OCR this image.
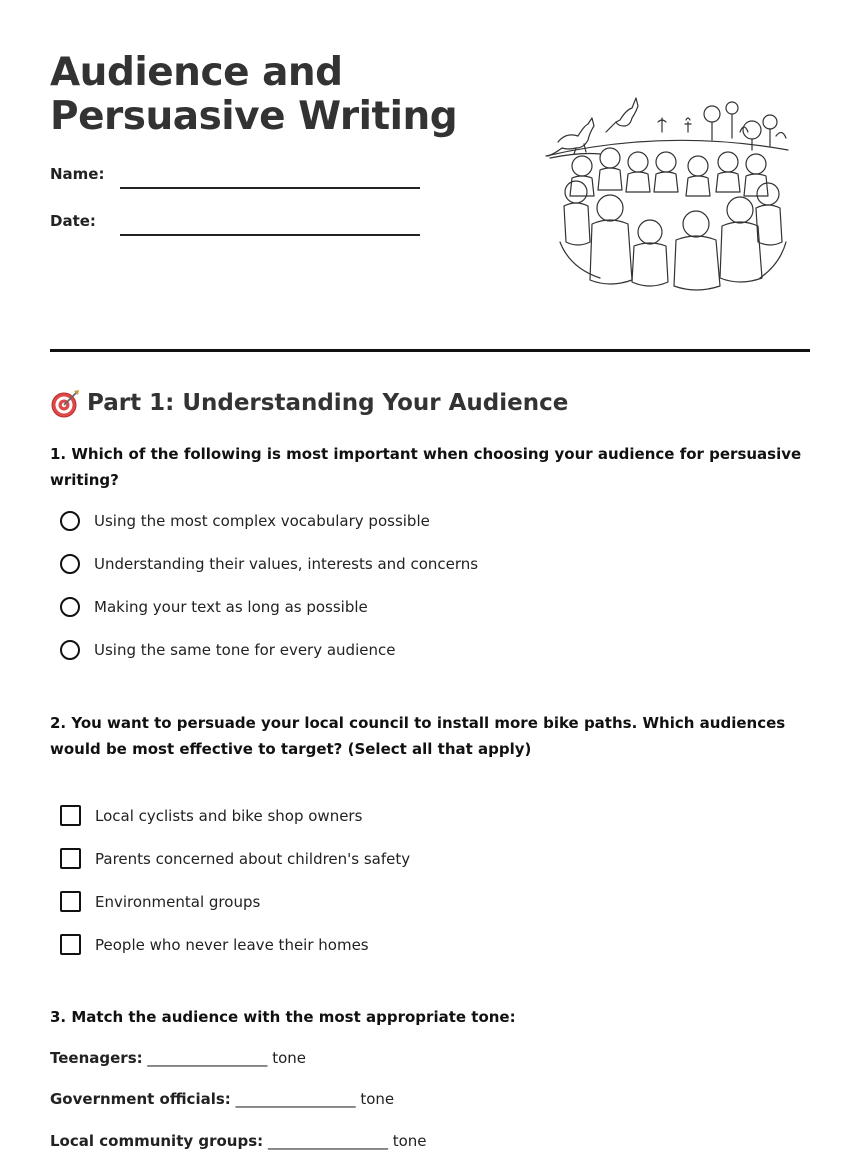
Audience and
Persuasive Writing
Name:
Date:
Part 1: Understanding Your Audience
1. Which of the following is most important when choosing your audience for persuasive writing?
Using the most complex vocabulary possible
Understanding their values, interests and concerns
Making your text as long as possible
Using the same tone for every audience
2. You want to persuade your local council to install more bike paths. Which audiences would be most effective to target? (Select all that apply)
Local cyclists and bike shop owners
Parents concerned about children's safety
Environmental groups
People who never leave their homes
3. Match the audience with the most appropriate tone:
Teenagers: ________________ tone
Government officials: ________________ tone
Local community groups: ________________ tone
